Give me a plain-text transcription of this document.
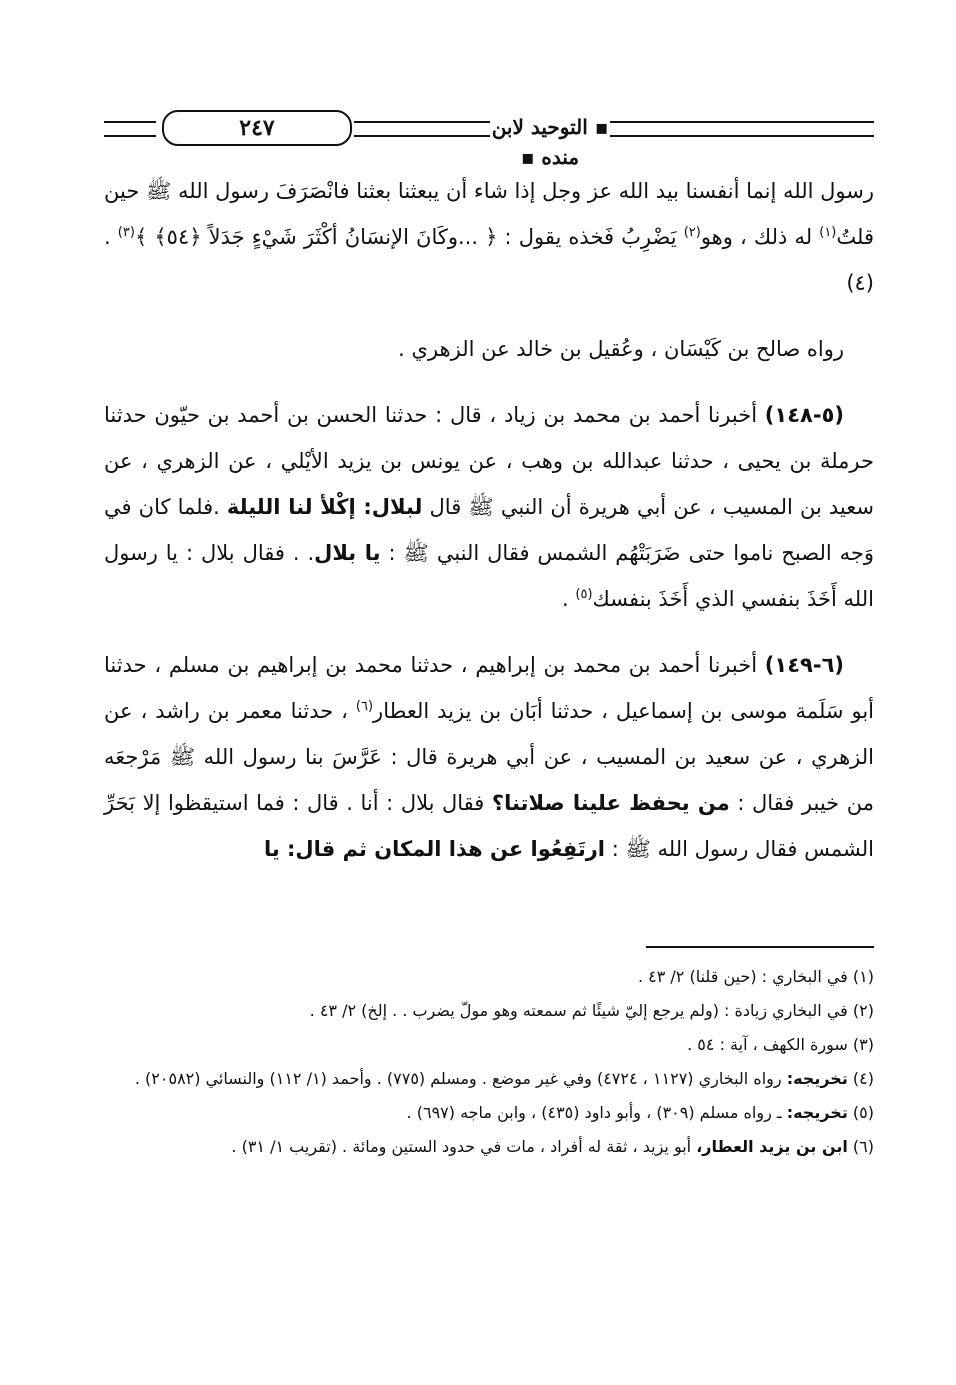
▪ التوحيد لابن منده ▪
٢٤٧

رسول الله إنما أنفسنا بيد الله عز وجل إذا شاء أن يبعثنا بعثنا فانْصَرَفَ رسول الله ﷺ حين قلتُ$^{(١)}$ له ذلك ، وهو$^{(٢)}$ يَضْرِبُ فَخذه يقول : ﴿ ...وكَانَ الإنسَانُ أكْثَرَ شَيْءٍ جَدَلاً ﴿٥٤﴾ ﴾$^{(٣)}$ . (٤)

رواه صالح بن كَيْسَان ، وعُقيل بن خالد عن الزهري .

(٥-١٤٨) أخبرنا أحمد بن محمد بن زياد ، قال : حدثنا الحسن بن أحمد بن حيّون حدثنا حرملة بن يحيى ، حدثنا عبدالله بن وهب ، عن يونس بن يزيد الأيْلي ، عن الزهري ، عن سعيد بن المسيب ، عن أبي هريرة أن النبي ﷺ قال لبلال: إكْلأ لنا الليلة .فلما كان في وَجه الصبح ناموا حتى ضَرَبَتْهُم الشمس فقال النبي ﷺ : يا بلال. . فقال بلال : يا رسول الله أَخَذَ بنفسي الذي أَخَذَ بنفسك$^{(٥)}$ .

(٦-١٤٩) أخبرنا أحمد بن محمد بن إبراهيم ، حدثنا محمد بن إبراهيم بن مسلم ، حدثنا أبو سَلَمة موسى بن إسماعيل ، حدثنا أبَان بن يزيد العطار$^{(٦)}$ ، حدثنا معمر بن راشد ، عن الزهري ، عن سعيد بن المسيب ، عن أبي هريرة قال : عَرَّسَ بنا رسول الله ﷺ مَرْجعَه من خيبر فقال : من يحفظ علينا صلاتنا؟ فقال بلال : أنا . قال : فما استيقظوا إلا بَحَرِّ الشمس فقال رسول الله ﷺ : ارتَفِعُوا عن هذا المكان ثم قال: يا

(١) في البخاري : (حين قلنا) ٢/ ٤٣ .

(٢) في البخاري زيادة : (ولم يرجع إليّ شيئًا ثم سمعته وهو مولّ يضرب . . إلخ) ٢/ ٤٣ .

(٣) سورة الكهف ، آية : ٥٤ .

(٤) تخريجه: رواه البخاري (١١٢٧ ، ٤٧٢٤) وفي غير موضع . ومسلم (٧٧٥) . وأحمد (١/ ١١٢) والنسائي (٢٠٥٨٢) .

(٥) تخريجه: ـ رواه مسلم (٣٠٩) ، وأبو داود (٤٣٥) ، وابن ماجه (٦٩٧) .

(٦) ابن بن يزيد العطار، أبو يزيد ، ثقة له أفراد ، مات في حدود الستين ومائة . (تقريب ١/ ٣١) .
